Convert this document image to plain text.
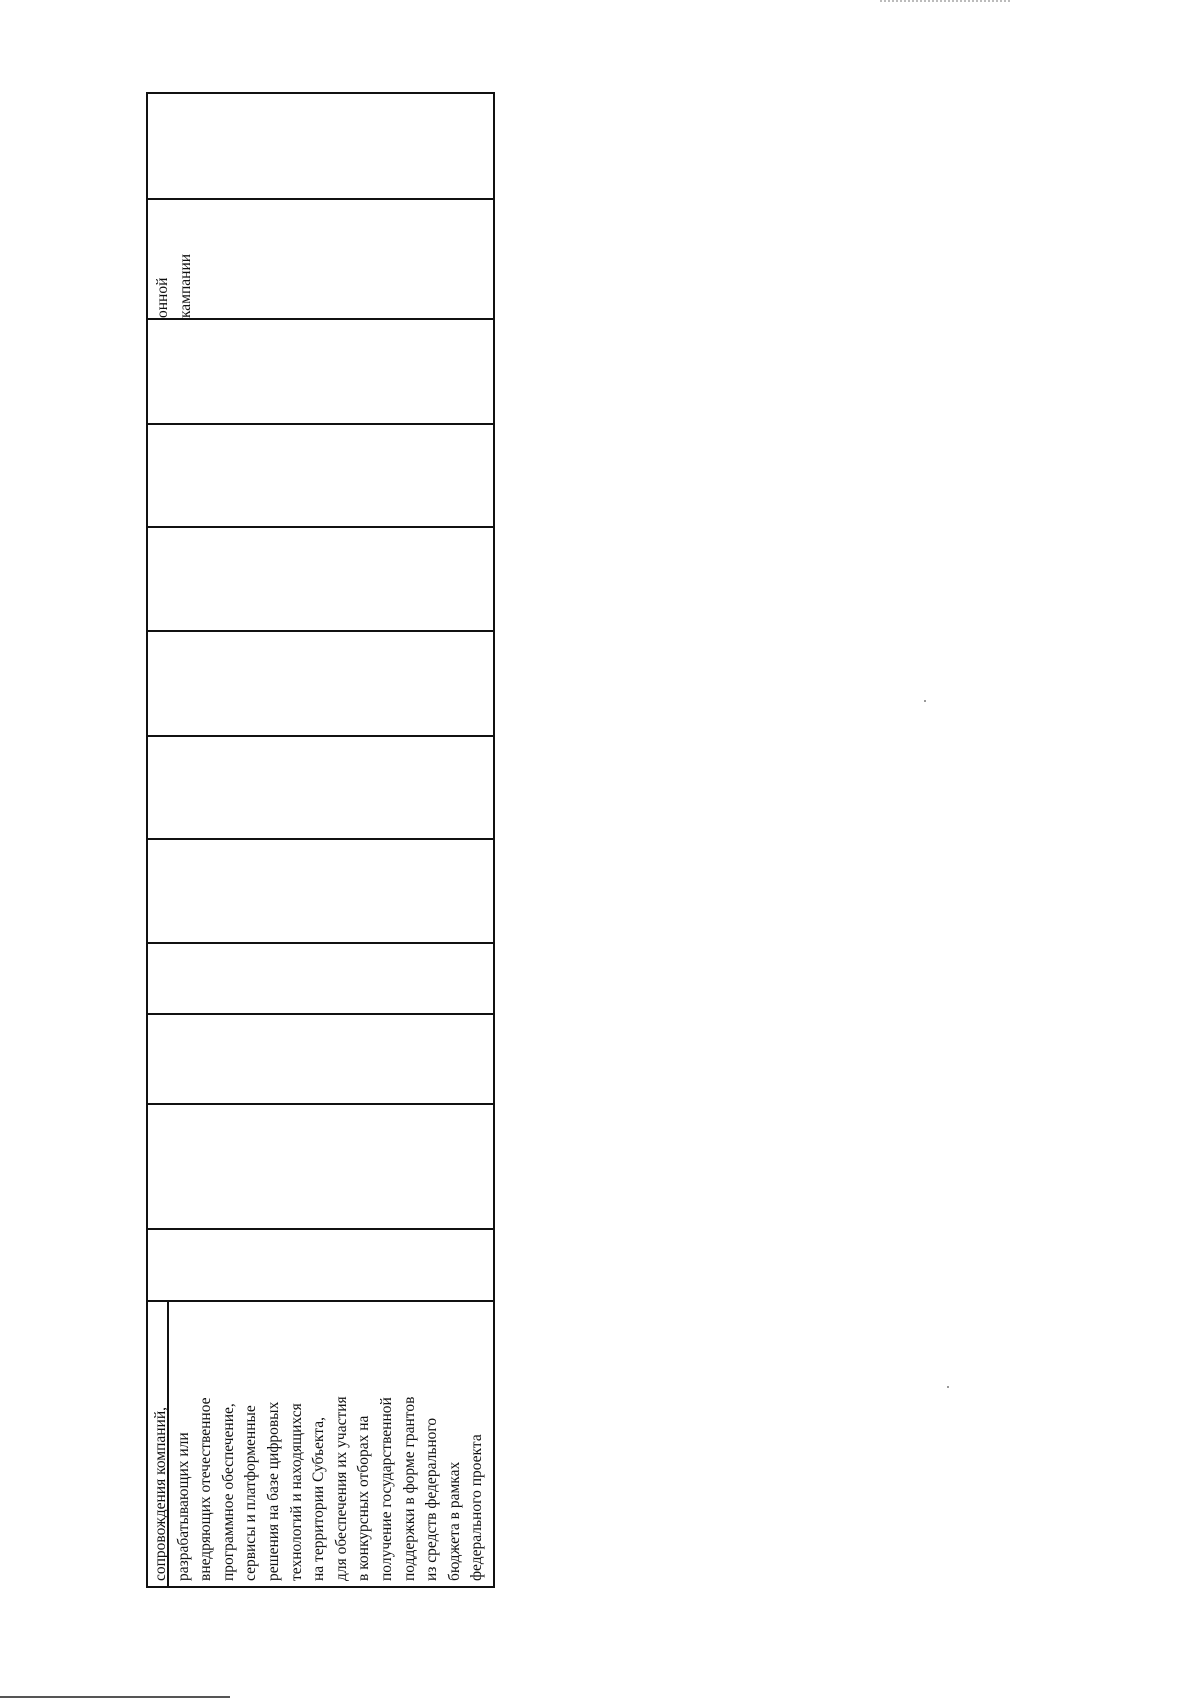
сопровождения компаний, разрабатывающих или внедряющих отечественное программное обеспечение, сервисы и платформенные решения на базе цифровых технологий и находящихся на территории Субъекта, для обеспечения их участия в конкурсных отборах на получение государственной поддержки в форме грантов из средств федерального бюджета в рамках федерального проекта
онной кампании
